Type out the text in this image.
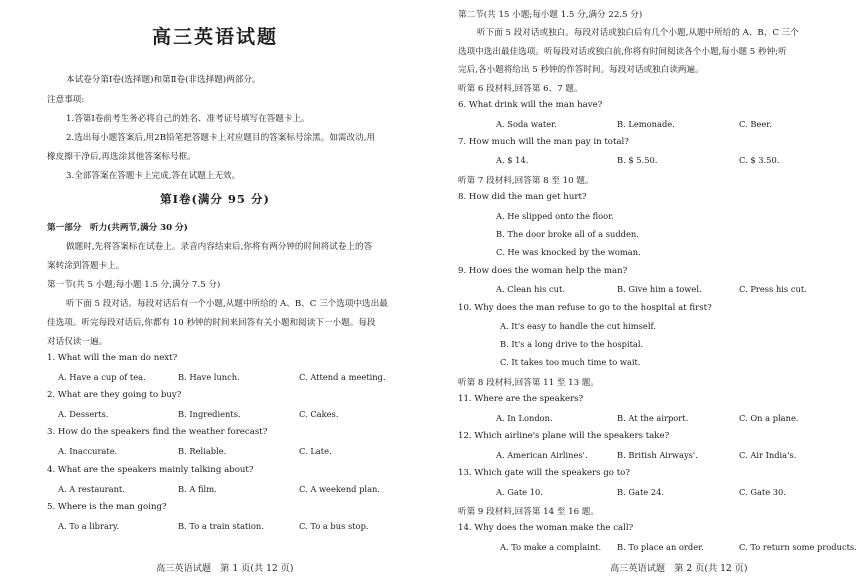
高三英语试题
本试卷分第Ⅰ卷(选择题)和第Ⅱ卷(非选择题)两部分。
注意事项:
1.答第Ⅰ卷前考生务必将自己的姓名、准考证号填写在答题卡上。
2.选出每小题答案后,用2B铅笔把答题卡上对应题目的答案标号涂黑。如需改动,用
橡皮擦干净后,再选涂其他答案标号框。
3.全部答案在答题卡上完成,答在试题上无效。
第Ⅰ卷(满分 95 分)
第一部分　听力(共两节,满分 30 分)
做题时,先将答案标在试卷上。录音内容结束后,你将有两分钟的时间将试卷上的答
案转涂到答题卡上。
第一节(共 5 小题;每小题 1.5 分,满分 7.5 分)
听下面 5 段对话。每段对话后有一个小题,从题中所给的 A、B、C 三个选项中选出最
佳选项。听完每段对话后,你都有 10 秒钟的时间来回答有关小题和阅读下一小题。每段
对话仅读一遍。
1. What will the man do next?
A. Have a cup of tea.	B. Have lunch.	C. Attend a meeting.
2. What are they going to buy?
A. Desserts.	B. Ingredients.	C. Cakes.
3. How do the speakers find the weather forecast?
A. Inaccurate.	B. Reliable.	C. Late.
4. What are the speakers mainly talking about?
A. A restaurant.	B. A film.	C. A weekend plan.
5. Where is the man going?
A. To a library.	B. To a train station.	C. To a bus stop.
高三英语试题　第 1 页(共 12 页)
第二节(共 15 小题;每小题 1.5 分,满分 22.5 分)
听下面 5 段对话或独白。每段对话或独白后有几个小题,从题中所给的 A、B、C 三个
选项中选出最佳选项。听每段对话或独白前,你将有时间阅读各个小题,每小题 5 秒钟;听
完后,各小题将给出 5 秒钟的作答时间。每段对话或独白读两遍。
听第 6 段材料,回答第 6、7 题。
6. What drink will the man have?
A. Soda water.	B. Lemonade.	C. Beer.
7. How much will the man pay in total?
A. $ 14.	B. $ 5.50.	C. $ 3.50.
听第 7 段材料,回答第 8 至 10 题。
8. How did the man get hurt?
A. He slipped onto the floor.
B. The door broke all of a sudden.
C. He was knocked by the woman.
9. How does the woman help the man?
A. Clean his cut.	B. Give him a towel.	C. Press his cut.
10. Why does the man refuse to go to the hospital at first?
A. It's easy to handle the cut himself.
B. It's a long drive to the hospital.
C. It takes too much time to wait.
听第 8 段材料,回答第 11 至 13 题。
11. Where are the speakers?
A. In London.	B. At the airport.	C. On a plane.
12. Which airline's plane will the speakers take?
A. American Airlines'.	B. British Airways'.	C. Air India's.
13. Which gate will the speakers go to?
A. Gate 10.	B. Gate 24.	C. Gate 30.
听第 9 段材料,回答第 14 至 16 题。
14. Why does the woman make the call?
A. To make a complaint. B. To place an order.	C. To return some products.
高三英语试题　第 2 页(共 12 页)
